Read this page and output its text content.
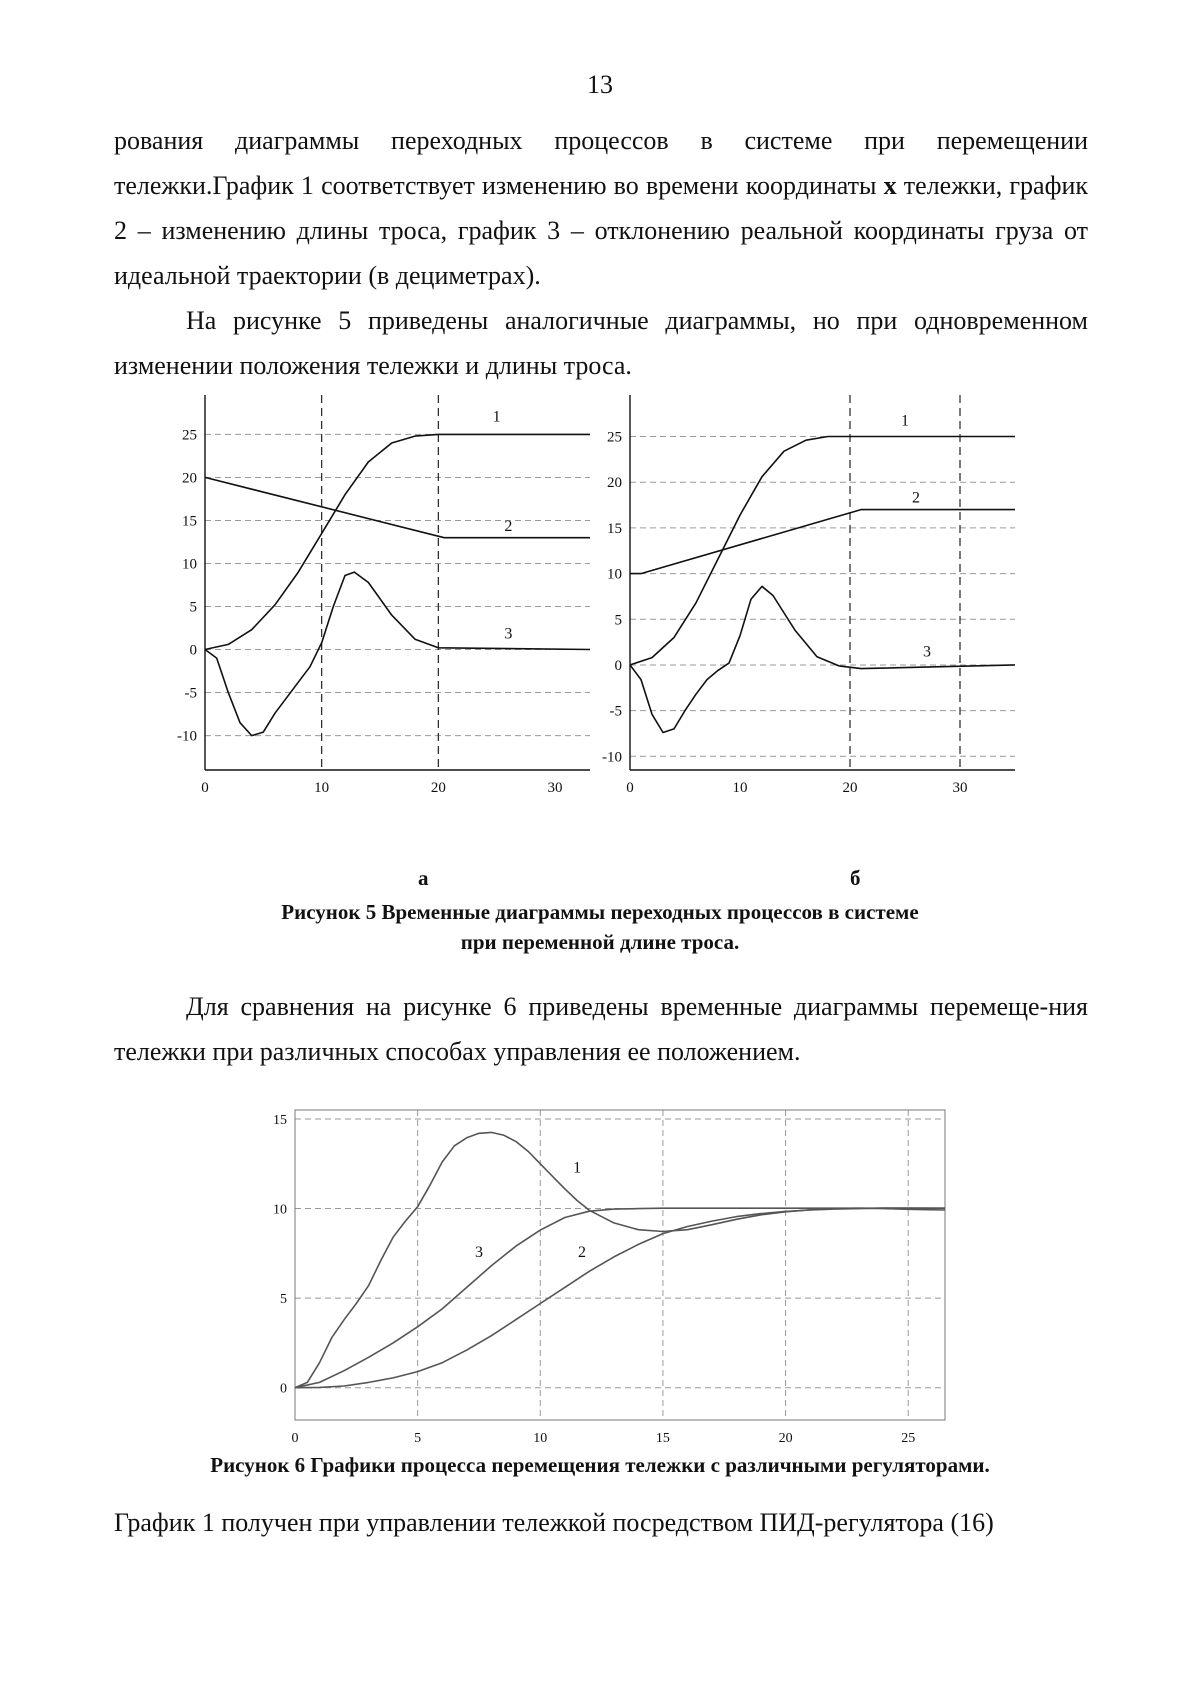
13

рования диаграммы переходных процессов в системе при перемещении тележки.График 1 соответствует изменению во времени координаты x тележки, график 2 – изменению длины троса, график 3 – отклонению реальной координаты груза от идеальной траектории (в дециметрах).

На рисунке 5 приведены аналогичные диаграммы, но при одновременном изменении положения тележки и длины троса.

-10
-5
0
5
10
15
20
25
0	10	20	30
1
2
3
-10
-5
0
5
10
15
20
25
0	10	20	30
1
2
3
а	б
Рисунок 5 Временные диаграммы переходных процессов в системе
при переменной длине троса.

Для сравнения на рисунке 6 приведены временные диаграммы перемеще-ния тележки при различных способах управления ее положением.

0
5
10
15
0	5	10	15	20	25
1
2
3
Рисунок 6 Графики процесса перемещения тележки с различными регуляторами.

График 1 получен при управлении тележкой посредством ПИД-регулятора (16)
